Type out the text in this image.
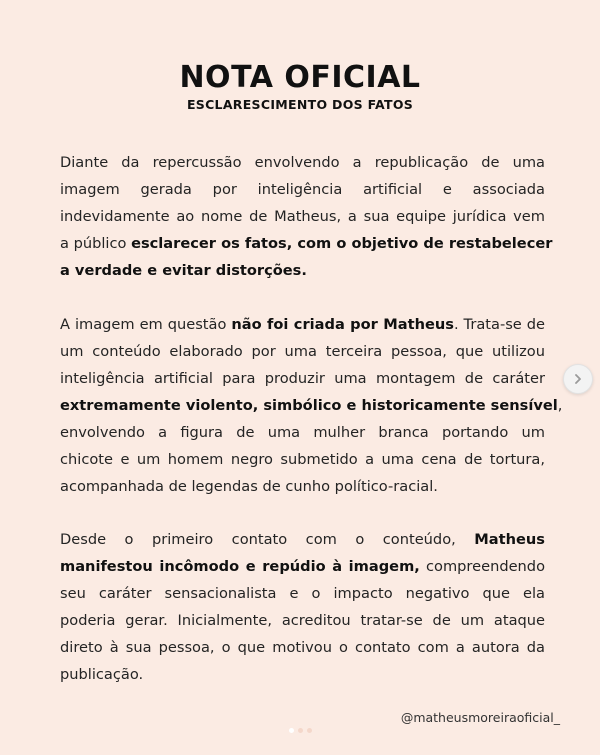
NOTA OFICIAL
ESCLARESCIMENTO DOS FATOS
Diante da repercussão envolvendo a republicação de uma
imagem gerada por inteligência artificial e associada
indevidamente ao nome de Matheus, a sua equipe jurídica vem
a público esclarecer os fatos, com o objetivo de restabelecer
a verdade e evitar distorções.
A imagem em questão não foi criada por Matheus. Trata-se de
um conteúdo elaborado por uma terceira pessoa, que utilizou
inteligência artificial para produzir uma montagem de caráter
extremamente violento, simbólico e historicamente sensível,
envolvendo a figura de uma mulher branca portando um
chicote e um homem negro submetido a uma cena de tortura,
acompanhada de legendas de cunho político-racial.
Desde o primeiro contato com o conteúdo, Matheus
manifestou incômodo e repúdio à imagem, compreendendo
seu caráter sensacionalista e o impacto negativo que ela
poderia gerar. Inicialmente, acreditou tratar-se de um ataque
direto à sua pessoa, o que motivou o contato com a autora da
publicação.
@matheusmoreiraoficial_
